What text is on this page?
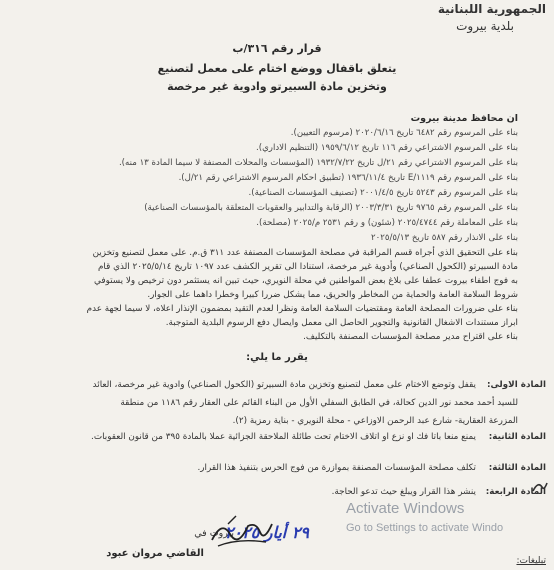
الجمهورية اللبنانية
بلدية بيروت
قرار رقم ٣١٦/ب
يتعلق باقفال ووضع اختام على معمل لتصنيع
وتخزين مادة السبيرتو وادوية غير مرخصة
ان محافظ مدينة بيروت
بناء على المرسوم رقم ٦٤٨٢ تاريخ ٢٠٢٠/٦/١٦ (مرسوم التعيين).
بناء على المرسوم الاشتراعي رقم ١١٦ تاريخ ١٩٥٩/٦/١٢ (التنظيم الاداري).
بناء على المرسوم الاشتراعي رقم ٢١/ل تاريخ ١٩٣٢/٧/٢٢ (المؤسسات والمحلات المصنفة لا سيما المادة ١٣ منه).
بناء على المرسوم رقم ١١١٩/E تاريخ ١٩٣٦/١١/٤ (تطبيق احكام المرسوم الاشتراعي رقم ٢١/ل).
بناء على المرسوم رقم ٥٢٤٣ تاريخ ٢٠٠١/٤/٥ (تصنيف المؤسسات الصناعية).
بناء على المرسوم رقم ٩٧٦٥ تاريخ ٢٠٠٣/٣/٣١ (الرقابة والتدابير والعقوبات المتعلقة بالمؤسسات الصناعية)
بناء على المعاملة رقم ٢٠٢٥/٤٧٤٤ (شئون) و رقم ٢٥٣١ م/٢٠٢٥ (مصلحة).
بناء على الانذار رقم ٥٨٧ تاريخ ٢٠٢٥/٥/١٣
بناء على التحقيق الذي أجراه قسم المراقبة في مصلحة المؤسسات المصنفة عدد ٣١١ ق.م. على معمل لتصنيع وتخزين
مادة السبيرتو (الكحول الصناعي) وأدوية غير مرخصة، استنادا الى تقرير الكشف عدد ١٠٩٧ تاريخ ٢٠٢٥/٥/١٤ الذي قام
به فوج اطفاء بيروت عطفا على بلاغ بعض المواطنين في محلة النويري، حيث تبين انه يستثمر دون ترخيص ولا يستوفي
شروط السلامة العامة والحماية من المخاطر والحريق، مما يشكل ضررا كبيرا وخطرا داهما على الجوار.
بناء على ضرورات المصلحة العامة ومقتضيات السلامة العامة ونظرا لعدم التقيد بمضمون الإنذار اعلاه، لا سيما لجهة عدم
ابراز مستندات الاشغال القانونية والتجوير الحاصل الى معمل وايصال دفع الرسوم البلدية المتوجبة.
بناء على اقتراح مدير مصلحة المؤسسات المصنفة بالتكليف.
يقرر ما يلي:
المادة الاولى:
يقفل وتوضع الاختام على معمل لتصنيع وتخزين مادة السبيرتو (الكحول الصناعي) وادوية غير مرخصة، العائد
للسيد أحمد محمد نور الدين كحالة، في الطابق السفلي الأول من البناء القائم على العقار رقم ١١٨٦ من منطقة
المزرعة العقارية- شارع عبد الرحمن الاوزاعي - محلة النويري - بناية رمزية (٢).
المادة الثانية:
يمنع منعا باتا فك او نزع او اتلاف الاختام تحت طائلة الملاحقة الجزائية عملا بالمادة ٣٩٥ من قانون العقوبات.
المادة الثالثة:
تكلف مصلحة المؤسسات المصنفة بموازرة من فوج الحرس بتنفيذ هذا القرار.
المادة الرابعة:
ينشر هذا القرار ويبلغ حيث تدعو الحاجة.
بيروت في
٢٩ أيار ٢٠٢٥
القاضي مروان عبود
تبليغات:
Activate Windows
Go to Settings to activate Windo
